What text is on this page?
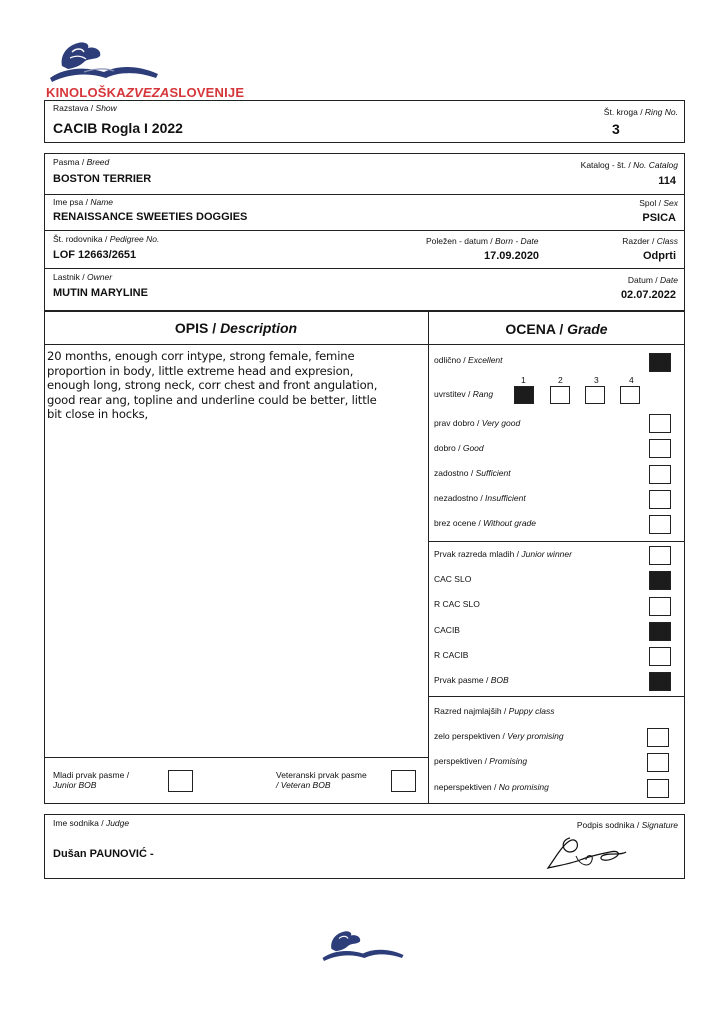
KINOLOŠKAZVEZASLOVENIJE
Razstava / Show
CACIB Rogla I 2022
Št. kroga / Ring No.
3
Pasma / Breed
BOSTON TERRIER
Katalog - št. / No. Catalog
114
Ime psa / Name
RENAISSANCE SWEETIES DOGGIES
Spol / Sex
PSICA
Št. rodovnika / Pedigree No.
LOF 12663/2651
Poležen - datum / Born - Date
17.09.2020
Razder / Class
Odprti
Lastnik / Owner
MUTIN MARYLINE
Datum / Date
02.07.2022
OPIS / Description	OCENA / Grade
20 months, enough corr intype, strong female, femine
proportion in body, little extreme head and expresion,
enough long, strong neck, corr chest and front angulation,
good rear ang, topline and underline could be better, little
bit close in hocks,
Mladi prvak pasme /
Junior BOB
Veteranski prvak pasme
/ Veteran BOB
odlično / Excellent
uvrstitev / Rang
1	2	3	4
prav dobro / Very good
dobro / Good
zadostno / Sufficient
nezadostno / Insufficient
brez ocene / Without grade
Prvak razreda mladih / Junior winner
CAC SLO
R CAC SLO
CACIB
R CACIB
Prvak pasme / BOB
Razred najmlajših / Puppy class
zelo perspektiven / Very promising
perspektiven / Promising
neperspektiven / No promising
Ime sodnika / Judge
Dušan PAUNOVIĆ -
Podpis sodnika / Signature
